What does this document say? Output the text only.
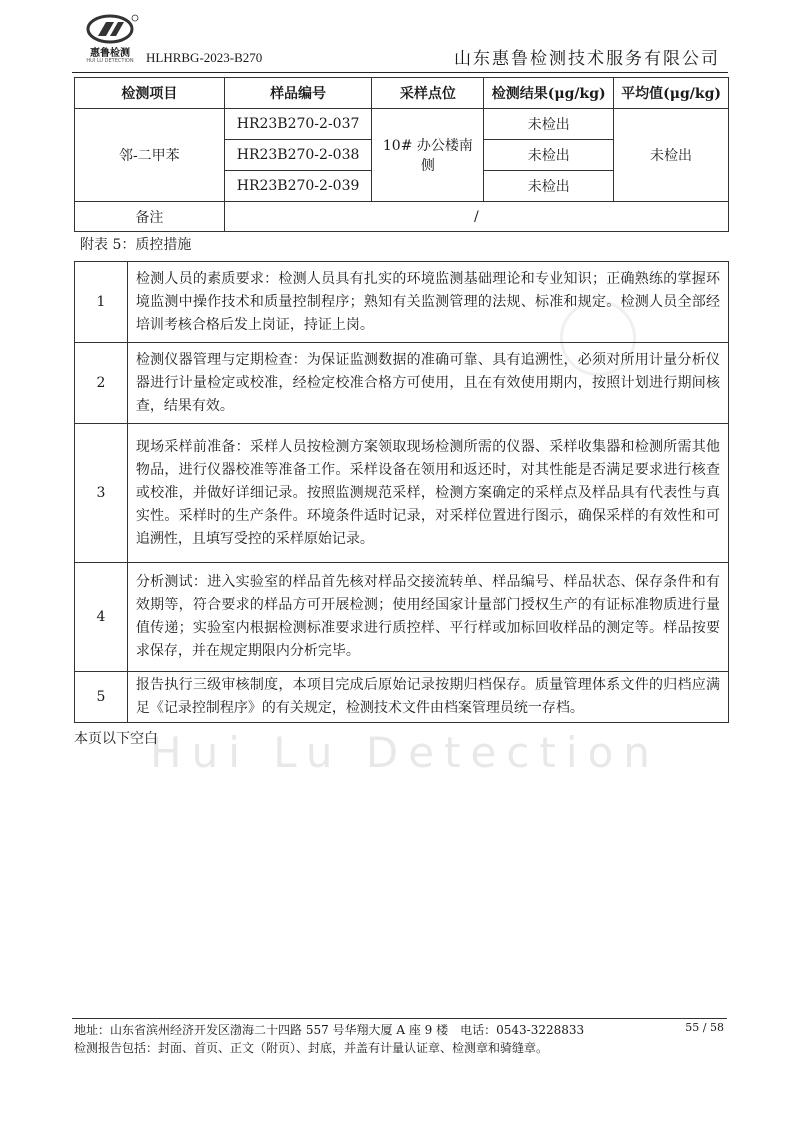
惠鲁检测
HUI LU DETECTION HLHRBG-2023-B270	山东惠鲁检测技术服务有限公司
检测项目	样品编号	采样点位	检测结果(μg/kg)	平均值(μg/kg)
邻-二甲苯	HR23B270-2-037	10# 办公楼南侧	未检出	未检出
	HR23B270-2-038		未检出	
	HR23B270-2-039		未检出	
备注	/			
附表 5：质控措施
1	检测人员的素质要求：检测人员具有扎实的环境监测基础理论和专业知识；正确熟练的掌握环境监测中操作技术和质量控制程序；熟知有关监测管理的法规、标准和规定。检测人员全部经培训考核合格后发上岗证，持证上岗。
2	检测仪器管理与定期检查：为保证监测数据的准确可靠、具有追溯性，必须对所用计量分析仪器进行计量检定或校准，经检定校准合格方可使用，且在有效使用期内，按照计划进行期间核查，结果有效。
3	现场采样前准备：采样人员按检测方案领取现场检测所需的仪器、采样收集器和检测所需其他物品，进行仪器校准等准备工作。采样设备在领用和返还时，对其性能是否满足要求进行核查或校准，并做好详细记录。按照监测规范采样，检测方案确定的采样点及样品具有代表性与真实性。采样时的生产条件。环境条件适时记录，对采样位置进行图示，确保采样的有效性和可追溯性，且填写受控的采样原始记录。
4	分析测试：进入实验室的样品首先核对样品交接流转单、样品编号、样品状态、保存条件和有效期等，符合要求的样品方可开展检测；使用经国家计量部门授权生产的有证标准物质进行量值传递；实验室内根据检测标准要求进行质控样、平行样或加标回收样品的测定等。样品按要求保存，并在规定期限内分析完毕。
5	报告执行三级审核制度，本项目完成后原始记录按期归档保存。质量管理体系文件的归档应满足《记录控制程序》的有关规定，检测技术文件由档案管理员统一存档。
本页以下空白
Hui Lu Detection
地址：山东省滨州经济开发区渤海二十四路 557 号华翔大厦 A 座 9 楼　电话：0543-3228833	55 / 58
检测报告包括：封面、首页、正文（附页）、封底，并盖有计量认证章、检测章和骑缝章。
